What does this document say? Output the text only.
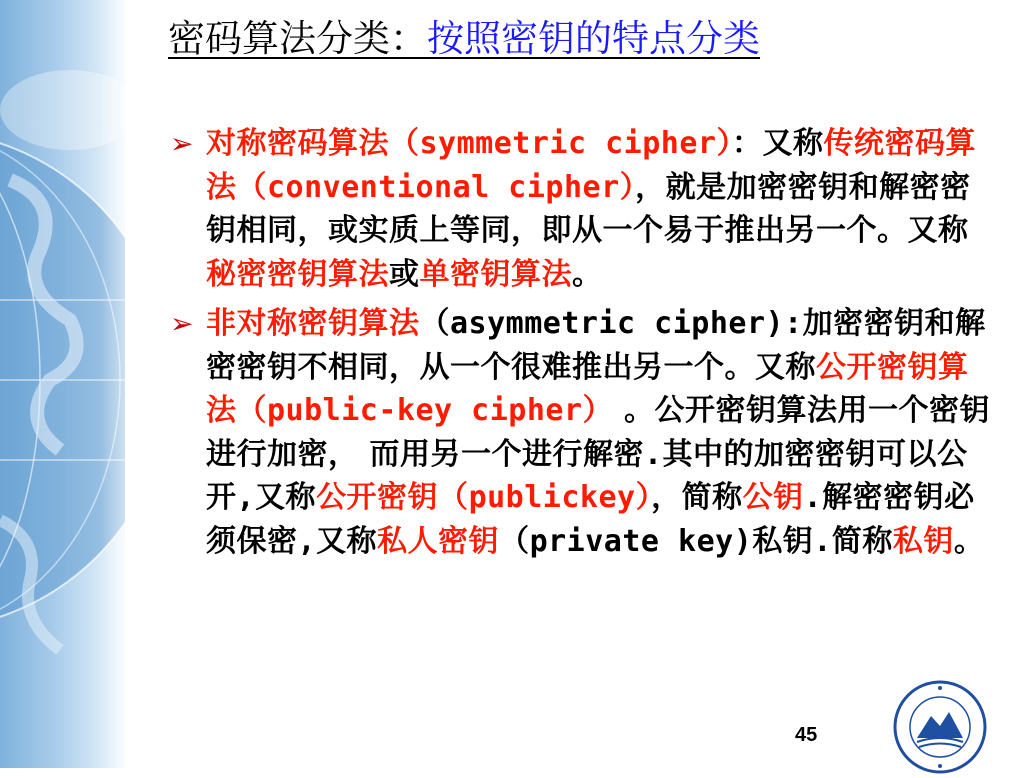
密码算法分类：按照密钥的特点分类
➢ 对称密码算法（symmetric cipher）：又称传统密码算法（conventional cipher），就是加密密钥和解密密钥相同，或实质上等同，即从一个易于推出另一个。又称秘密密钥算法或单密钥算法。
➢ 非对称密钥算法（asymmetric cipher):加密密钥和解密密钥不相同，从一个很难推出另一个。又称公开密钥算法（public-key cipher） 。公开密钥算法用一个密钥进行加密， 而用另一个进行解密.其中的加密密钥可以公开,又称公开密钥（publickey），简称公钥.解密密钥必须保密,又称私人密钥（private key)私钥.简称私钥。
45
